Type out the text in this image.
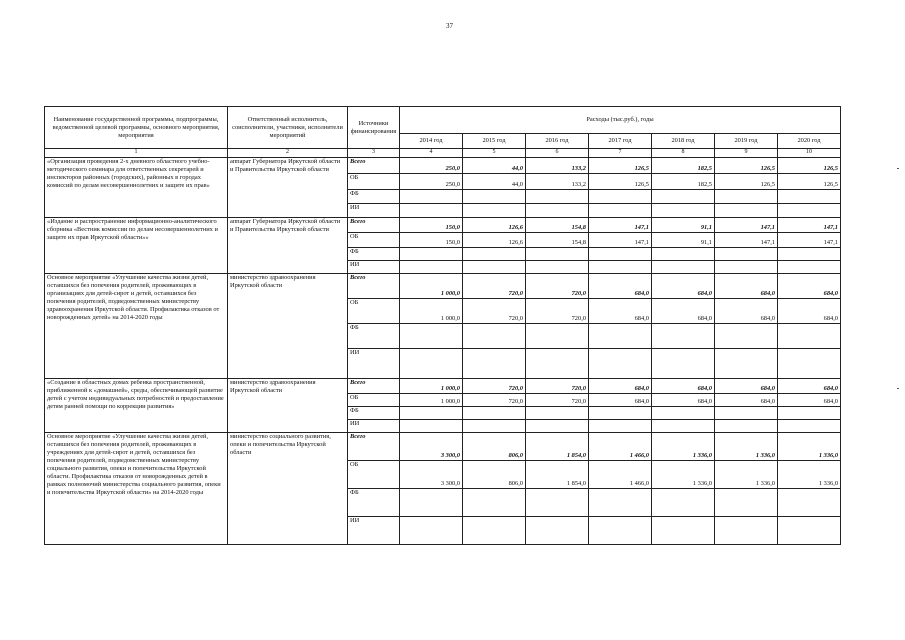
37
Наименование государственной программы, подпрограммы, ведомственной целевой программы, основного мероприятия, мероприятия	Ответственный исполнитель, соисполнители, участники, исполнители мероприятий	Источники финансирования	Расходы (тыс.руб.), годы						
			2014 год	2015 год	2016 год	2017 год	2018 год	2019 год	2020 год
1	2	3	4	5	6	7	8	9	10
«Организация проведения 2-х дневного областного учебно-методического семинара для ответственных секретарей и инспекторов районных (городских), районных в городах комиссий по делам несовершеннолетних и защите их прав»	аппарат Губернатора Иркутской области и Правительства Иркутской области	Всего	250,0	44,0	133,2	126,5	182,5	126,5	126,5
		ОБ	250,0	44,0	133,2	126,5	182,5	126,5	126,5
		ФБ							
		ИИ							
«Издание и распространение информационно-аналитического сборника «Вестник комиссии по делам несовершеннолетних и защите их прав Иркутской области»»	аппарат Губернатора Иркутской области и Правительства Иркутской области	Всего	150,0	126,6	154,8	147,1	91,1	147,1	147,1
		ОБ	150,0	126,6	154,8	147,1	91,1	147,1	147,1
		ФБ							
		ИИ							
Основное мероприятие «Улучшение качества жизни детей, оставшихся без попечения родителей, проживающих в организациях для детей-сирот и детей, оставшихся без попечения родителей, подведомственных министерству здравоохранения Иркутской области. Профилактика отказов от новорожденных детей» на 2014-2020 годы	министерство здравоохранения Иркутской области	Всего	1 000,0	720,0	720,0	684,0	684,0	684,0	684,0
		ОБ	1 000,0	720,0	720,0	684,0	684,0	684,0	684,0
		ФБ							
		ИИ							
«Создание в областных домах ребенка пространственной, приближенной к «домашней», среды, обеспечивающей развитие детей с учетом индивидуальных потребностей и предоставление детям ранней помощи по коррекции развития»	министерство здравоохранения Иркутской области	Всего	1 000,0	720,0	720,0	684,0	684,0	684,0	684,0
		ОБ	1 000,0	720,0	720,0	684,0	684,0	684,0	684,0
		ФБ							
		ИИ							
Основное мероприятие «Улучшение качества жизни детей, оставшихся без попечения родителей, проживающих в учреждениях для детей-сирот и детей, оставшихся без попечения родителей, подведомственных министерству социального развития, опеки и попечительства Иркутской области. Профилактика отказов от новорожденных детей в рамках полномочий министерства социального развития, опеки и попечительства Иркутской области» на 2014-2020 годы	министерство социального развития, опеки и попечительства Иркутской области	Всего	3 300,0	806,0	1 854,0	1 466,0	1 336,0	1 336,0	1 336,0
		ОБ	3 300,0	806,0	1 854,0	1 466,0	1 336,0	1 336,0	1 336,0
		ФБ							
		ИИ							
